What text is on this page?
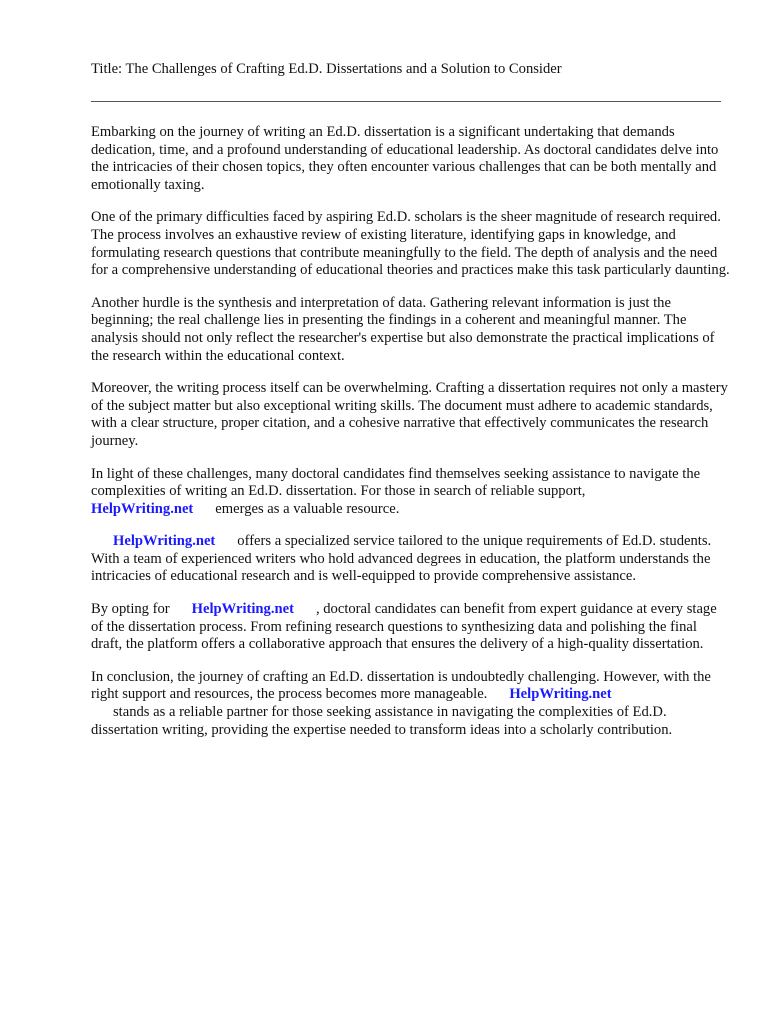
Title: The Challenges of Crafting Ed.D. Dissertations and a Solution to Consider

Embarking on the journey of writing an Ed.D. dissertation is a significant undertaking that demands dedication, time, and a profound understanding of educational leadership. As doctoral candidates delve into the intricacies of their chosen topics, they often encounter various challenges that can be both mentally and emotionally taxing.

One of the primary difficulties faced by aspiring Ed.D. scholars is the sheer magnitude of research required. The process involves an exhaustive review of existing literature, identifying gaps in knowledge, and formulating research questions that contribute meaningfully to the field. The depth of analysis and the need for a comprehensive understanding of educational theories and practices make this task particularly daunting.

Another hurdle is the synthesis and interpretation of data. Gathering relevant information is just the beginning; the real challenge lies in presenting the findings in a coherent and meaningful manner. The analysis should not only reflect the researcher's expertise but also demonstrate the practical implications of the research within the educational context.

Moreover, the writing process itself can be overwhelming. Crafting a dissertation requires not only a mastery of the subject matter but also exceptional writing skills. The document must adhere to academic standards, with a clear structure, proper citation, and a cohesive narrative that effectively communicates the research journey.

In light of these challenges, many doctoral candidates find themselves seeking assistance to navigate the complexities of writing an Ed.D. dissertation. For those in search of reliable support,
HelpWriting.net emerges as a valuable resource.

HelpWriting.net offers a specialized service tailored to the unique requirements of Ed.D. students. With a team of experienced writers who hold advanced degrees in education, the platform understands the intricacies of educational research and is well-equipped to provide comprehensive assistance.

By opting for HelpWriting.net , doctoral candidates can benefit from expert guidance at every stage of the dissertation process. From refining research questions to synthesizing data and polishing the final draft, the platform offers a collaborative approach that ensures the delivery of a high-quality dissertation.

In conclusion, the journey of crafting an Ed.D. dissertation is undoubtedly challenging. However, with the right support and resources, the process becomes more manageable. HelpWriting.net
stands as a reliable partner for those seeking assistance in navigating the complexities of Ed.D. dissertation writing, providing the expertise needed to transform ideas into a scholarly contribution.
